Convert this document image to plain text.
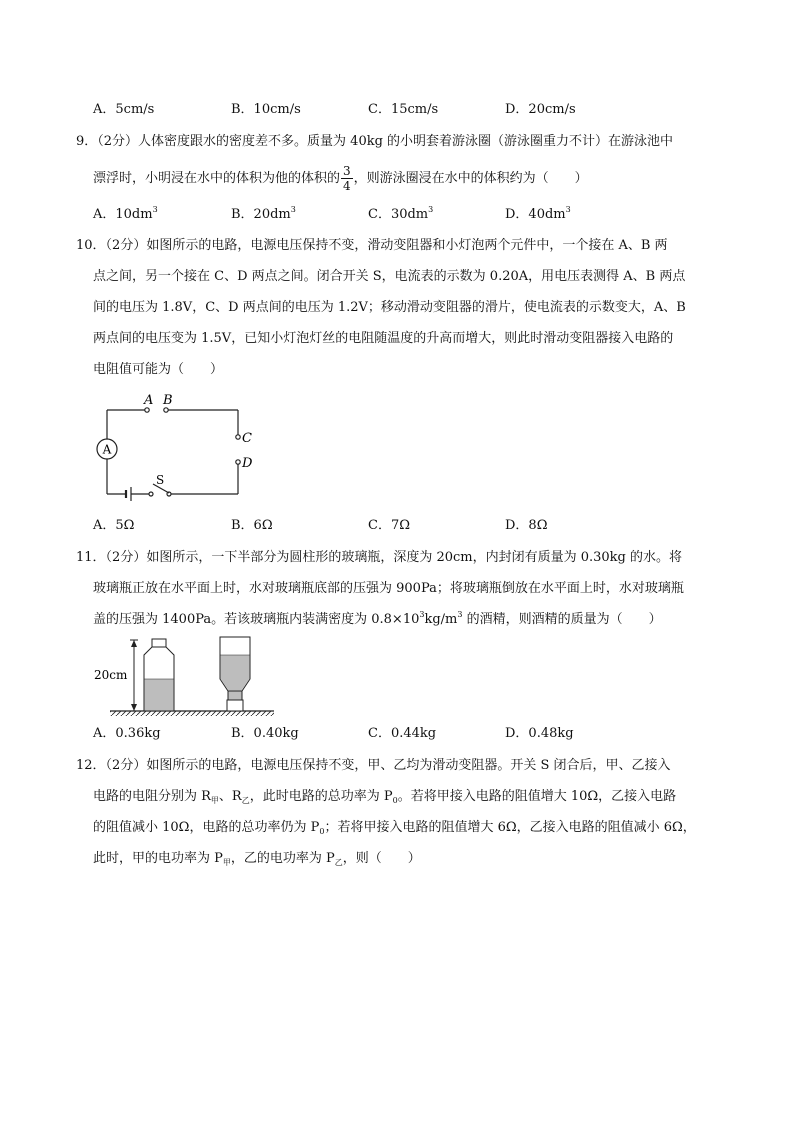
A．5cm/s	B．10cm/s	C．15cm/s	D．20cm/s
9．（2分）人体密度跟水的密度差不多。质量为 40kg 的小明套着游泳圈（游泳圈重力不计）在游泳池中
漂浮时，小明浸在水中的体积为他的体积的 $\frac{3}{4}$ ，则游泳圈浸在水中的体积约为（　　）
A．$10dm^3$	B．$20dm^3$	C．$30dm^3$	D．$40dm^3$
10．（2分）如图所示的电路，电源电压保持不变，滑动变阻器和小灯泡两个元件中，一个接在 A、B 两
点之间，另一个接在 C、D 两点之间。闭合开关 S，电流表的示数为 0.20A，用电压表测得 A、B 两点
间的电压为 1.8V，C、D 两点间的电压为 1.2V；移动滑动变阻器的滑片，使电流表的示数变大，A、B
两点间的电压变为 1.5V，已知小灯泡灯丝的电阻随温度的升高而增大，则此时滑动变阻器接入电路的
电阻值可能为（　　）
A
A B
C
D
S
A．5Ω	B．6Ω	C．7Ω	D．8Ω
11．（2分）如图所示，一下半部分为圆柱形的玻璃瓶，深度为 20cm，内封闭有质量为 0.30kg 的水。将
玻璃瓶正放在水平面上时，水对玻璃瓶底部的压强为 900Pa；将玻璃瓶倒放在水平面上时，水对玻璃瓶
盖的压强为 1400Pa。若该玻璃瓶内装满密度为 $0.8\times 10^3kg/m^3$ 的酒精，则酒精的质量为（　　）
20cm
A．0.36kg	B．0.40kg	C．0.44kg	D．0.48kg
12．（2分）如图所示的电路，电源电压保持不变，甲、乙均为滑动变阻器。开关 S 闭合后，甲、乙接入
电路的电阻分别为 $R_甲$、$R_乙$，此时电路的总功率为 $P_0$。若将甲接入电路的阻值增大 10Ω，乙接入电路
的阻值减小 10Ω，电路的总功率仍为 $P_0$；若将甲接入电路的阻值增大 6Ω，乙接入电路的阻值减小 6Ω，
此时，甲的电功率为 $P_甲$，乙的电功率为 $P_乙$，则（　　）
